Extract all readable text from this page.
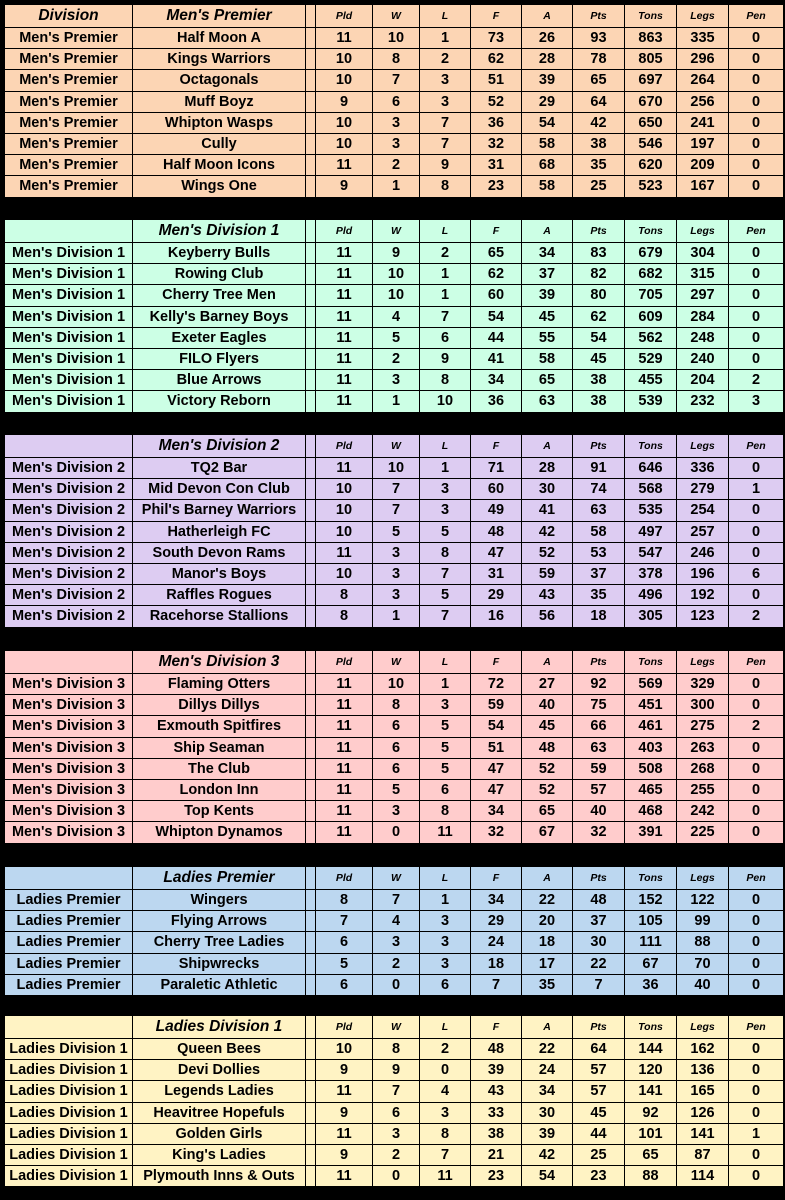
Division	Men's Premier		Pld	W	L	F	A	Pts	Tons	Legs	Pen
Men's Premier	Half Moon A		11	10	1	73	26	93	863	335	0
Men's Premier	Kings Warriors		10	8	2	62	28	78	805	296	0
Men's Premier	Octagonals		10	7	3	51	39	65	697	264	0
Men's Premier	Muff Boyz		9	6	3	52	29	64	670	256	0
Men's Premier	Whipton Wasps		10	3	7	36	54	42	650	241	0
Men's Premier	Cully		10	3	7	32	58	38	546	197	0
Men's Premier	Half Moon Icons		11	2	9	31	68	35	620	209	0
Men's Premier	Wings One		9	1	8	23	58	25	523	167	0
	Men's Division 1		Pld	W	L	F	A	Pts	Tons	Legs	Pen
Men's Division 1	Keyberry Bulls		11	9	2	65	34	83	679	304	0
Men's Division 1	Rowing Club		11	10	1	62	37	82	682	315	0
Men's Division 1	Cherry Tree Men		11	10	1	60	39	80	705	297	0
Men's Division 1	Kelly's Barney Boys		11	4	7	54	45	62	609	284	0
Men's Division 1	Exeter Eagles		11	5	6	44	55	54	562	248	0
Men's Division 1	FILO Flyers		11	2	9	41	58	45	529	240	0
Men's Division 1	Blue Arrows		11	3	8	34	65	38	455	204	2
Men's Division 1	Victory Reborn		11	1	10	36	63	38	539	232	3
	Men's Division 2		Pld	W	L	F	A	Pts	Tons	Legs	Pen
Men's Division 2	TQ2 Bar		11	10	1	71	28	91	646	336	0
Men's Division 2	Mid Devon Con Club		10	7	3	60	30	74	568	279	1
Men's Division 2	Phil's Barney Warriors		10	7	3	49	41	63	535	254	0
Men's Division 2	Hatherleigh FC		10	5	5	48	42	58	497	257	0
Men's Division 2	South Devon Rams		11	3	8	47	52	53	547	246	0
Men's Division 2	Manor's Boys		10	3	7	31	59	37	378	196	6
Men's Division 2	Raffles Rogues		8	3	5	29	43	35	496	192	0
Men's Division 2	Racehorse Stallions		8	1	7	16	56	18	305	123	2
	Men's Division 3		Pld	W	L	F	A	Pts	Tons	Legs	Pen
Men's Division 3	Flaming Otters		11	10	1	72	27	92	569	329	0
Men's Division 3	Dillys Dillys		11	8	3	59	40	75	451	300	0
Men's Division 3	Exmouth Spitfires		11	6	5	54	45	66	461	275	2
Men's Division 3	Ship Seaman		11	6	5	51	48	63	403	263	0
Men's Division 3	The Club		11	6	5	47	52	59	508	268	0
Men's Division 3	London Inn		11	5	6	47	52	57	465	255	0
Men's Division 3	Top Kents		11	3	8	34	65	40	468	242	0
Men's Division 3	Whipton Dynamos		11	0	11	32	67	32	391	225	0
	Ladies Premier		Pld	W	L	F	A	Pts	Tons	Legs	Pen
Ladies Premier	Wingers		8	7	1	34	22	48	152	122	0
Ladies Premier	Flying Arrows		7	4	3	29	20	37	105	99	0
Ladies Premier	Cherry Tree Ladies		6	3	3	24	18	30	111	88	0
Ladies Premier	Shipwrecks		5	2	3	18	17	22	67	70	0
Ladies Premier	Paraletic Athletic		6	0	6	7	35	7	36	40	0
	Ladies Division 1		Pld	W	L	F	A	Pts	Tons	Legs	Pen
Ladies Division 1	Queen Bees		10	8	2	48	22	64	144	162	0
Ladies Division 1	Devi Dollies		9	9	0	39	24	57	120	136	0
Ladies Division 1	Legends Ladies		11	7	4	43	34	57	141	165	0
Ladies Division 1	Heavitree Hopefuls		9	6	3	33	30	45	92	126	0
Ladies Division 1	Golden Girls		11	3	8	38	39	44	101	141	1
Ladies Division 1	King's Ladies		9	2	7	21	42	25	65	87	0
Ladies Division 1	Plymouth Inns & Outs		11	0	11	23	54	23	88	114	0
